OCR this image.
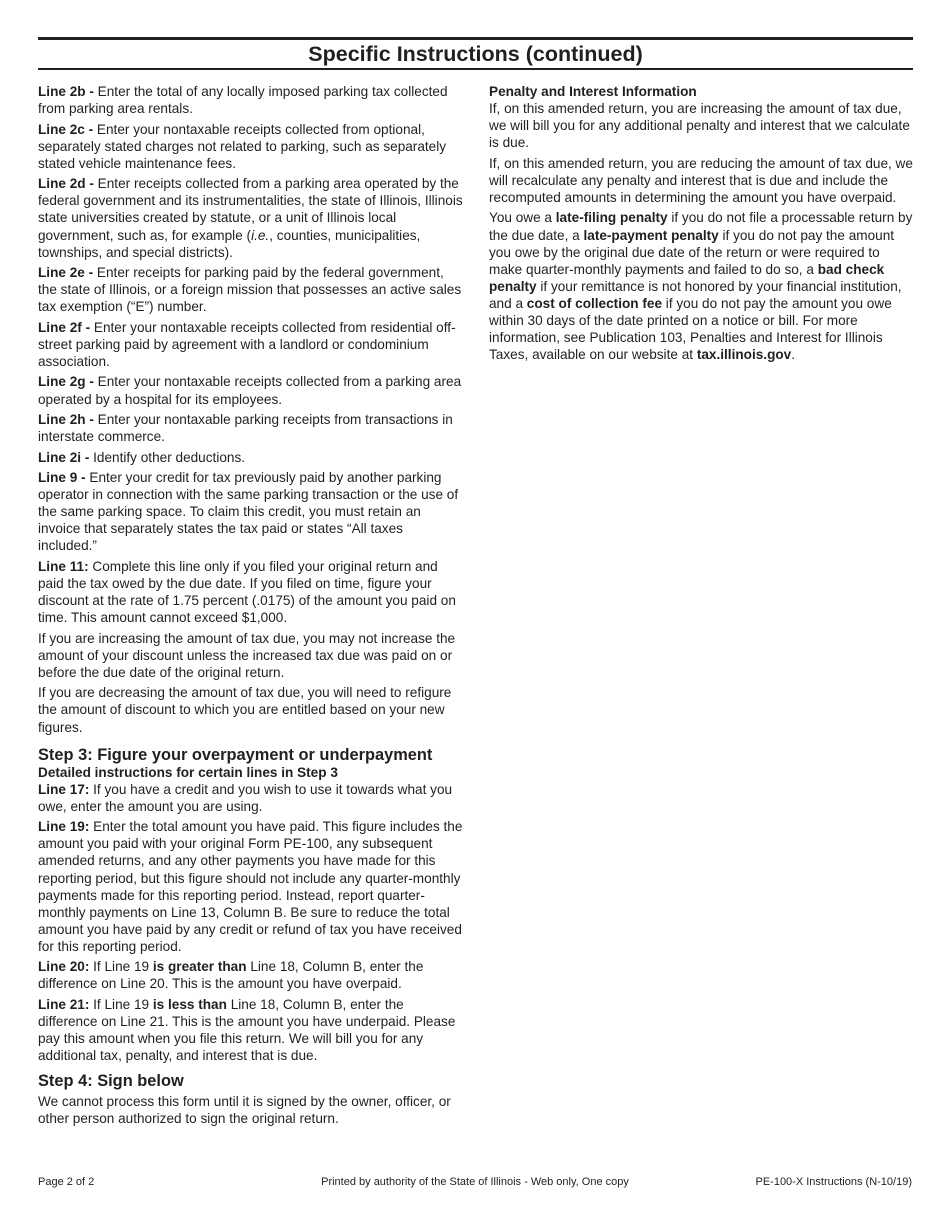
Specific Instructions (continued)

Line 2b - Enter the total of any locally imposed parking tax collected from parking area rentals.

Line 2c - Enter your nontaxable receipts collected from optional, separately stated charges not related to parking, such as separately stated vehicle maintenance fees.

Line 2d - Enter receipts collected from a parking area operated by the federal government and its instrumentalities, the state of Illinois, Illinois state universities created by statute, or a unit of Illinois local government, such as, for example (i.e., counties, municipalities, townships, and special districts).

Line 2e - Enter receipts for parking paid by the federal government, the state of Illinois, or a foreign mission that possesses an active sales tax exemption (“E”) number.

Line 2f - Enter your nontaxable receipts collected from residential off-street parking paid by agreement with a landlord or condominium association.

Line 2g - Enter your nontaxable receipts collected from a parking area operated by a hospital for its employees.

Line 2h - Enter your nontaxable parking receipts from transactions in interstate commerce.

Line 2i - Identify other deductions.

Line 9 - Enter your credit for tax previously paid by another parking operator in connection with the same parking transaction or the use of the same parking space. To claim this credit, you must retain an invoice that separately states the tax paid or states “All taxes included.”

Line 11: Complete this line only if you filed your original return and paid the tax owed by the due date. If you filed on time, figure your discount at the rate of 1.75 percent (.0175) of the amount you paid on time. This amount cannot exceed $1,000.

If you are increasing the amount of tax due, you may not increase the amount of your discount unless the increased tax due was paid on or before the due date of the original return.

If you are decreasing the amount of tax due, you will need to refigure the amount of discount to which you are entitled based on your new figures.

Step 3: Figure your overpayment or underpayment
Detailed instructions for certain lines in Step 3

Line 17: If you have a credit and you wish to use it towards what you owe, enter the amount you are using.

Line 19: Enter the total amount you have paid. This figure includes the amount you paid with your original Form PE-100, any subsequent amended returns, and any other payments you have made for this reporting period, but this figure should not include any quarter-monthly payments made for this reporting period. Instead, report quarter-monthly payments on Line 13, Column B. Be sure to reduce the total amount you have paid by any credit or refund of tax you have received for this reporting period.

Line 20: If Line 19 is greater than Line 18, Column B, enter the difference on Line 20. This is the amount you have overpaid.

Line 21: If Line 19 is less than Line 18, Column B, enter the difference on Line 21. This is the amount you have underpaid. Please pay this amount when you file this return. We will bill you for any additional tax, penalty, and interest that is due.

Step 4: Sign below

We cannot process this form until it is signed by the owner, officer, or other person authorized to sign the original return.

Penalty and Interest Information

If, on this amended return, you are increasing the amount of tax due, we will bill you for any additional penalty and interest that we calculate is due.

If, on this amended return, you are reducing the amount of tax due, we will recalculate any penalty and interest that is due and include the recomputed amounts in determining the amount you have overpaid.

You owe a late-filing penalty if you do not file a processable return by the due date, a late-payment penalty if you do not pay the amount you owe by the original due date of the return or were required to make quarter-monthly payments and failed to do so, a bad check penalty if your remittance is not honored by your financial institution, and a cost of collection fee if you do not pay the amount you owe within 30 days of the date printed on a notice or bill. For more information, see Publication 103, Penalties and Interest for Illinois Taxes, available on our website at tax.illinois.gov.

Page 2 of 2	Printed by authority of the State of Illinois - Web only, One copy	PE-100-X Instructions (N-10/19)
